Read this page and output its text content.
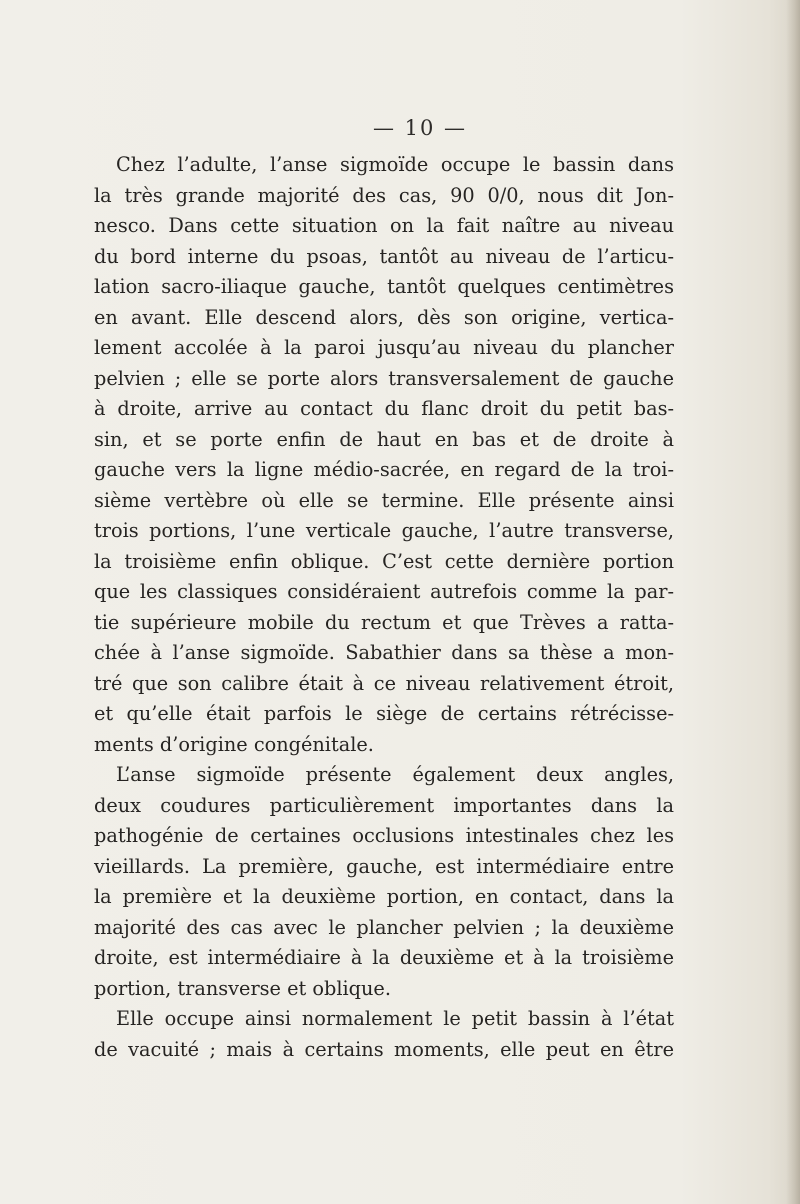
— 10 —
Chez l’adulte, l’anse sigmoïde occupe le bassin dans
la très grande majorité des cas, 90 0/0, nous dit Jon-
nesco. Dans cette situation on la fait naître au niveau
du bord interne du psoas, tantôt au niveau de l’articu-
lation sacro-iliaque gauche, tantôt quelques centimètres
en avant. Elle descend alors, dès son origine, vertica-
lement accolée à la paroi jusqu’au niveau du plancher
pelvien ; elle se porte alors transversalement de gauche
à droite, arrive au contact du flanc droit du petit bas-
sin, et se porte enfin de haut en bas et de droite à
gauche vers la ligne médio-sacrée, en regard de la troi-
sième vertèbre où elle se termine. Elle présente ainsi
trois portions, l’une verticale gauche, l’autre transverse,
la troisième enfin oblique. C’est cette dernière portion
que les classiques considéraient autrefois comme la par-
tie supérieure mobile du rectum et que Trèves a ratta-
chée à l’anse sigmoïde. Sabathier dans sa thèse a mon-
tré que son calibre était à ce niveau relativement étroit,
et qu’elle était parfois le siège de certains rétrécisse-
ments d’origine congénitale.
L’anse sigmoïde présente également deux angles,
deux coudures particulièrement importantes dans la
pathogénie de certaines occlusions intestinales chez les
vieillards. La première, gauche, est intermédiaire entre
la première et la deuxième portion, en contact, dans la
majorité des cas avec le plancher pelvien ; la deuxième
droite, est intermédiaire à la deuxième et à la troisième
portion, transverse et oblique.
Elle occupe ainsi normalement le petit bassin à l’état
de vacuité ; mais à certains moments, elle peut en être
